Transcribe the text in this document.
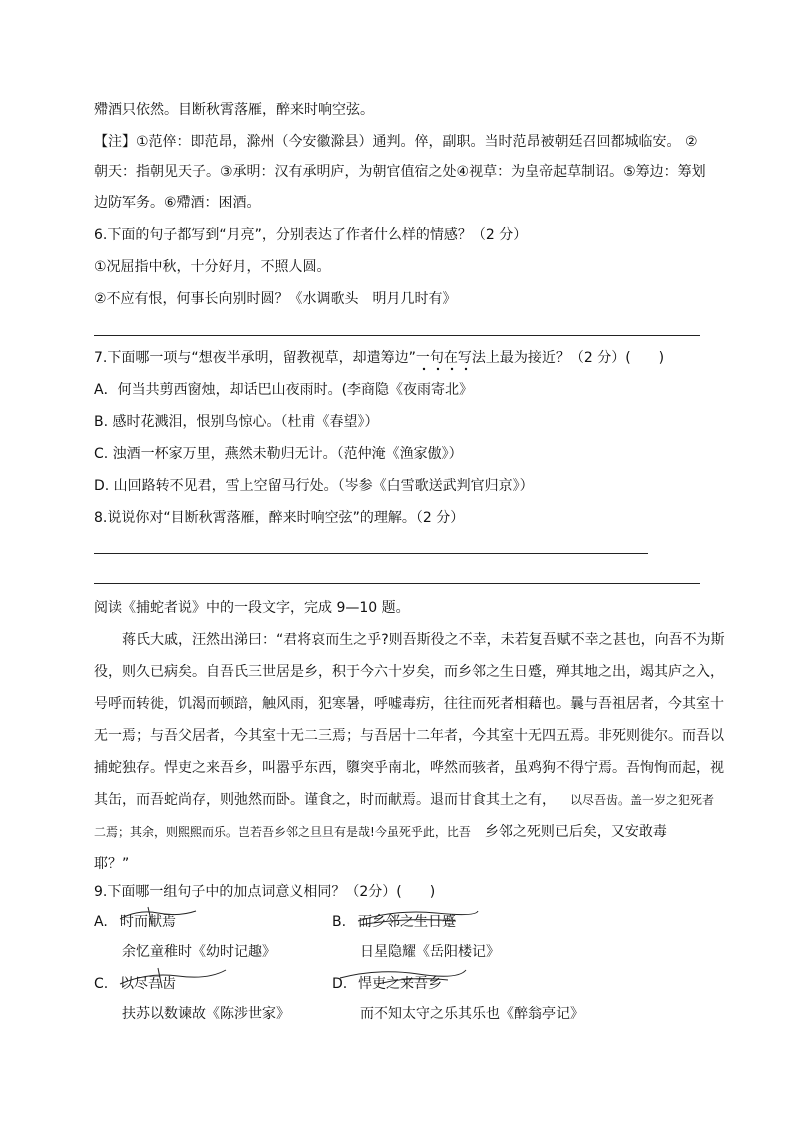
殢酒只依然。目断秋霄落雁，醉来时响空弦。
【注】①范倅：即范昂，滁州（今安徽滁县）通判。倅，副职。当时范昂被朝廷召回都城临安。 ②
朝天：指朝见天子。③承明：汉有承明庐，为朝官值宿之处④视草：为皇帝起草制诏。⑤筹边：筹划
边防军务。⑥殢酒：困酒。
6.下面的句子都写到“月亮”，分别表达了作者什么样的情感？（2 分）
①况屈指中秋，十分好月，不照人圆。
②不应有恨，何事长向别时圆？《水调歌头　明月几时有》
7.下面哪一项与“想夜半承明，留教视草，却遣筹边”一句在写法上最为接近？（2 分）(　　)
A．何当共剪西窗烛，却话巴山夜雨时。(李商隐《夜雨寄北》
B. 感时花溅泪，恨别鸟惊心。（杜甫《春望》）
C. 浊酒一杯家万里，燕然未勒归无计。（范仲淹《渔家傲》）
D. 山回路转不见君，雪上空留马行处。（岑参《白雪歌送武判官归京》）
8.说说你对“目断秋霄落雁，醉来时响空弦”的理解。（2 分）
阅读《捕蛇者说》中的一段文字，完成 9—10 题。
蒋氏大戚，汪然出涕曰：“君将哀而生之乎?则吾斯役之不幸，未若复吾赋不幸之甚也，向吾不为斯
役，则久已病矣。自吾氏三世居是乡，积于今六十岁矣，而乡邻之生日蹙，殚其地之出，竭其庐之入，
号呼而转徙，饥渴而顿踣，触风雨，犯寒暑，呼嘘毒疠，往往而死者相藉也。曩与吾祖居者，今其室十
无一焉；与吾父居者，今其室十无二三焉；与吾居十二年者，今其室十无四五焉。非死则徙尔。而吾以
捕蛇独存。悍吏之来吾乡，叫嚣乎东西，隳突乎南北，哗然而骇者，虽鸡狗不得宁焉。吾恂恂而起，视
其缶，而吾蛇尚存，则弛然而卧。谨食之，时而献焉。退而甘食其土之有， 以尽吾齿。盖一岁之犯死者
二焉；其余，则熙熙而乐。岂若吾乡邻之旦旦有是哉!今虽死乎此，比吾 乡邻之死则已后矣，又安敢毒
耶？”
9.下面哪一组句子中的加点词意义相同？（2分）(　　)
A. 时而献焉
余忆童稚时《幼时记趣》
B. 而乡邻之生日蹙
日星隐耀《岳阳楼记》
C. 以尽吾齿
扶苏以数谏故《陈涉世家》
D. 悍吏之来吾乡
而不知太守之乐其乐也《醉翁亭记》
